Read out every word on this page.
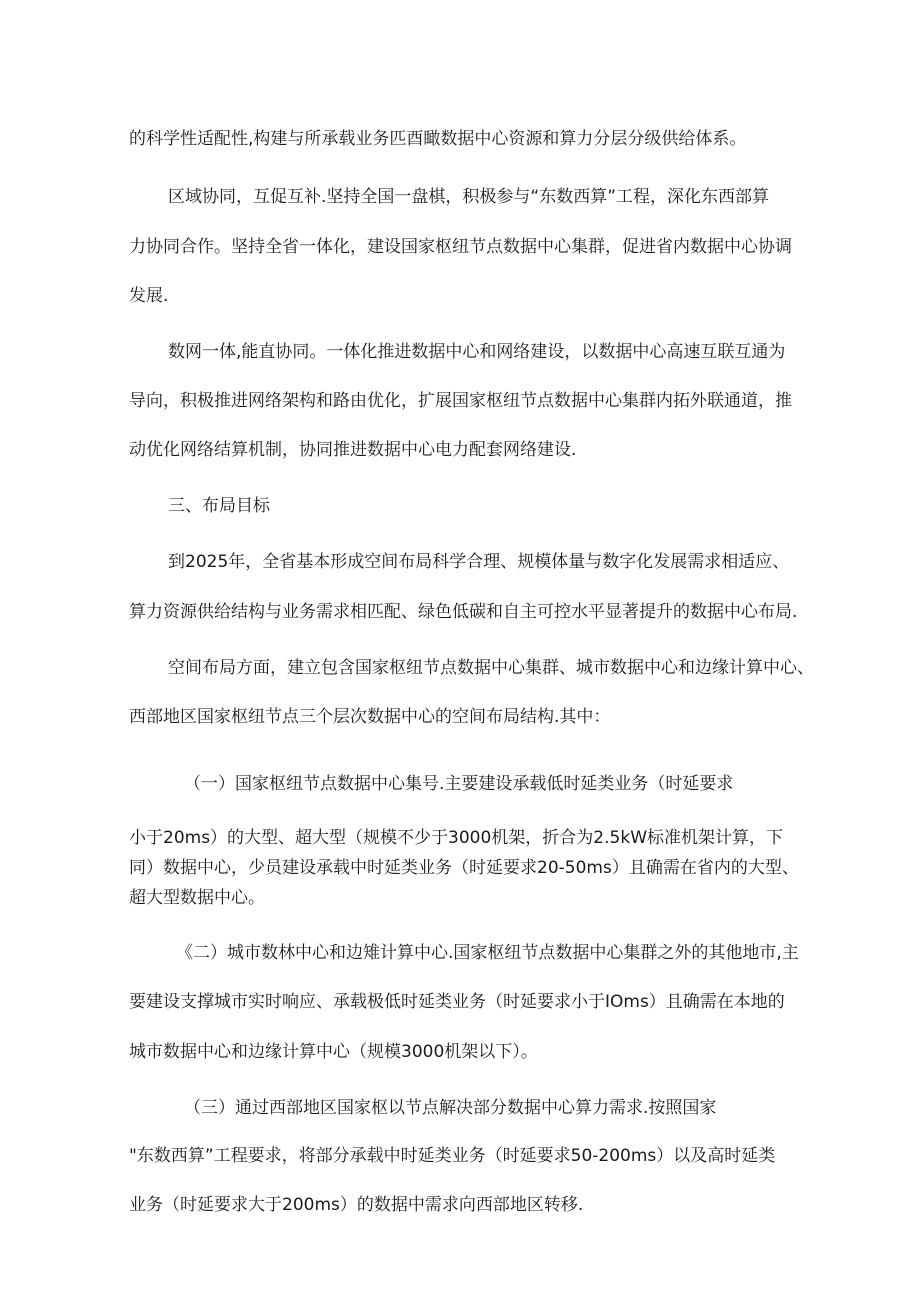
的科学性适配性,构建与所承载业务匹酉瞰数据中心资源和算力分层分级供给体系。
区域协同，互促互补.坚持全国一盘棋，积极参与“东数西算”工程，深化东西部算
力协同合作。坚持全省一体化，建设国家枢纽节点数据中心集群，促进省内数据中心协调
发展.
数网一体,能直协同。一体化推进数据中心和网络建设，以数据中心高速互联互通为
导向，积极推进网络架构和路由优化，扩展国家枢纽节点数据中心集群内拓外联通道，推
动优化网络结算机制，协同推进数据中心电力配套网络建设.
三、布局目标
到2025年，全省基本形成空间布局科学合理、规模体量与数字化发展需求相适应、
算力资源供给结构与业务需求相匹配、绿色低碳和自主可控水平显著提升的数据中心布局.
空间布局方面，建立包含国家枢纽节点数据中心集群、城市数据中心和边缘计算中心、
西部地区国家枢纽节点三个层次数据中心的空间布局结构.其中：
（一）国家枢纽节点数据中心集号.主要建设承载低时延类业务（时延要求
小于20ms）的大型、超大型（规模不少于3000机架，折合为2.5kW标准机架计算，下
同）数据中心，少员建设承载中时延类业务（时延要求20-50ms）且确需在省内的大型、
超大型数据中心。
《二）城市数林中心和边雉计算中心.国家枢纽节点数据中心集群之外的其他地市,主
要建设支撑城市实时响应、承载极低时延类业务（时延要求小于IOms）且确需在本地的
城市数据中心和边缘计算中心（规模3000机架以下）。
（三）通过西部地区国家枢以节点解决部分数据中心算力需求.按照国家
"东数西算”工程要求，将部分承载中时延类业务（时延要求50-200ms）以及高时延类
业务（时延要求大于200ms）的数据中需求向西部地区转移.
